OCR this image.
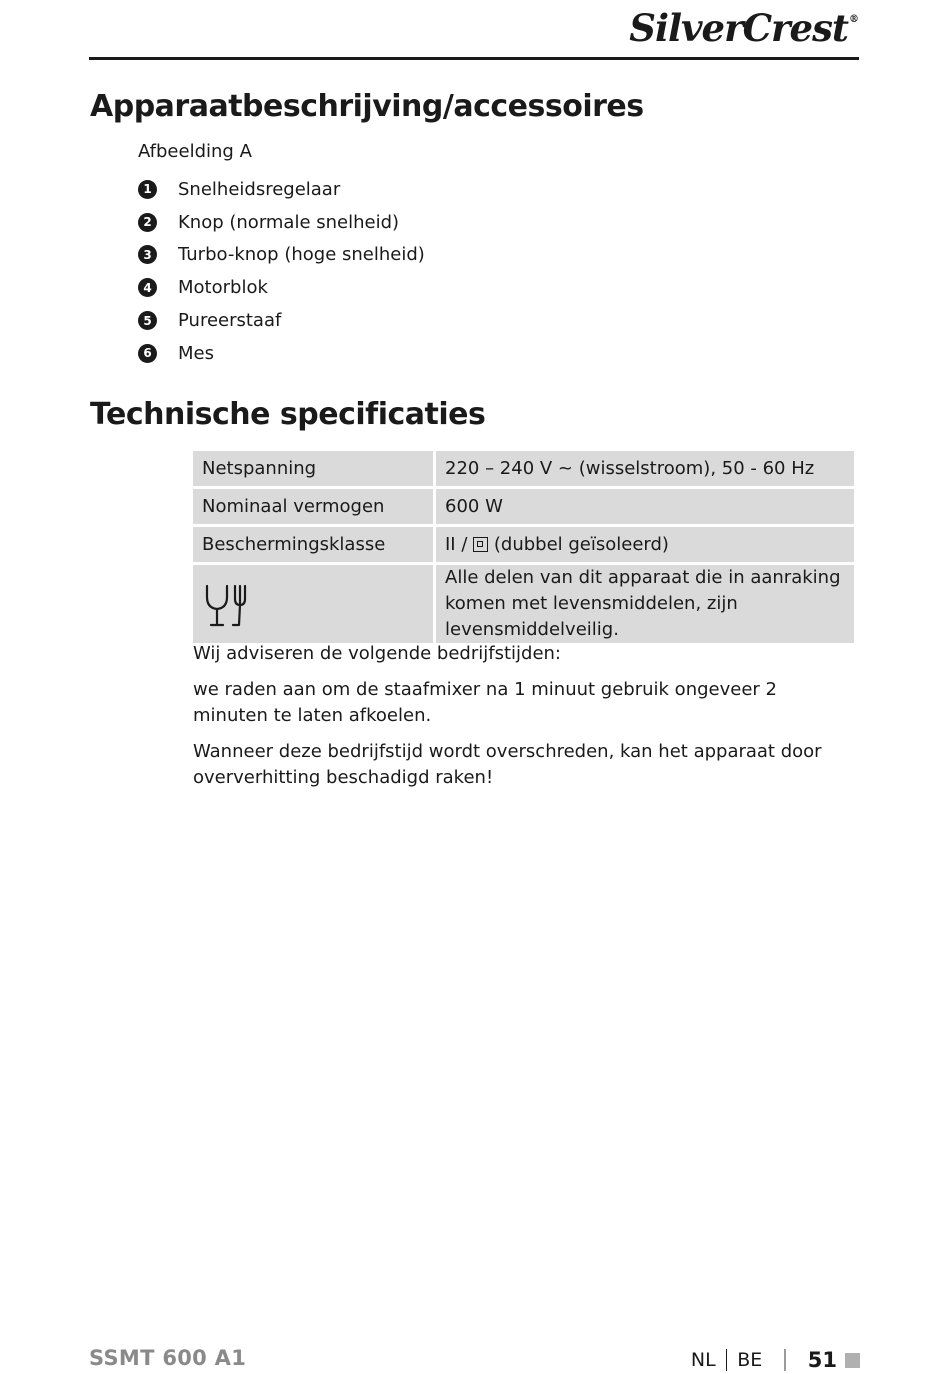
SilverCrest®
Apparaatbeschrijving/accessoires
Afbeelding A
1 Snelheidsregelaar
2 Knop (normale snelheid)
3 Turbo-knop (hoge snelheid)
4 Motorblok
5 Pureerstaaf
6 Mes
Technische specificaties
Netspanning	220 – 240 V ~ (wisselstroom), 50 - 60 Hz
Nominaal vermogen	600 W
Beschermingsklasse	II / (dubbel geïsoleerd)

	Alle delen van dit apparaat die in aanraking komen met levensmiddelen, zijn levensmiddelveilig.

Wij adviseren de volgende bedrijfstijden:

we raden aan om de staafmixer na 1 minuut gebruik ongeveer 2 minuten te laten afkoelen.

Wanneer deze bedrijfstijd wordt overschreden, kan het apparaat door oververhitting beschadigd raken!

SSMT 600 A1	NL BE 51
